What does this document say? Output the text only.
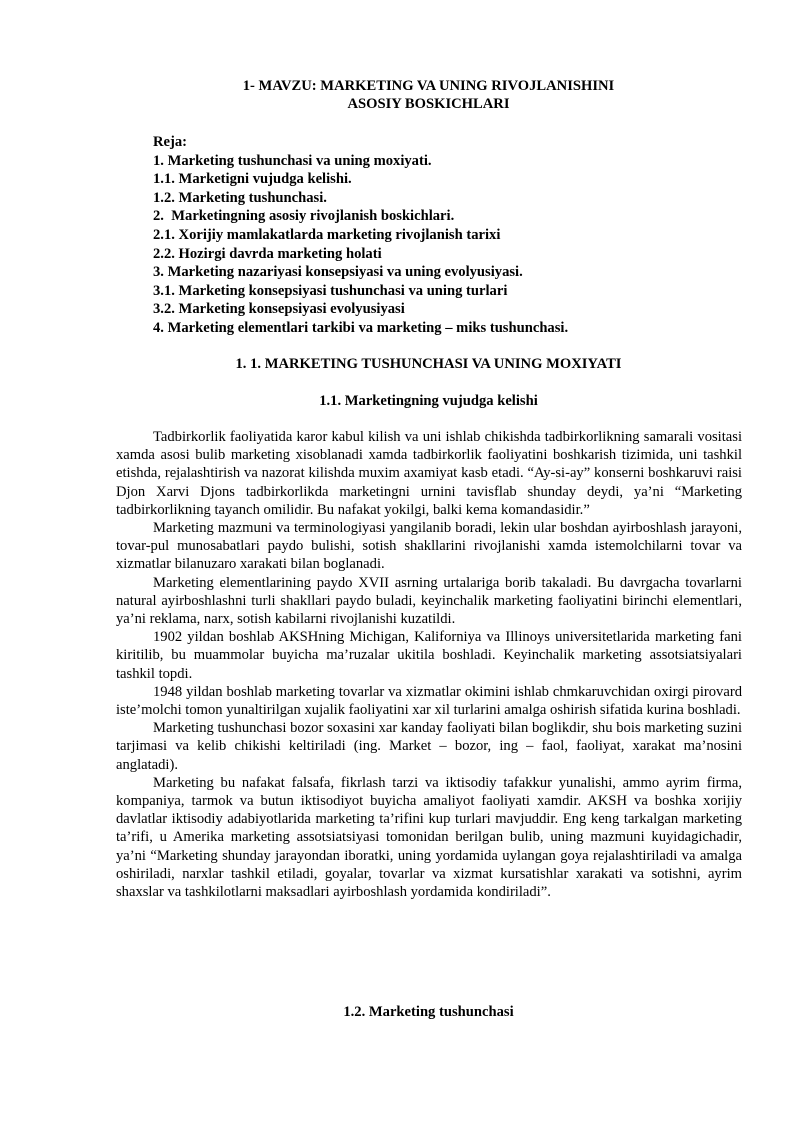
1- MAVZU: MARKETING VA UNING RIVOJLANISHINI
ASOSIY BOSKICHLARI
Reja:
1. Marketing tushunchasi va uning moxiyati.
1.1. Marketigni vujudga kelishi.
1.2. Marketing tushunchasi.
2.  Marketingning asosiy rivojlanish boskichlari.
2.1. Xorijiy mamlakatlarda marketing rivojlanish tarixi
2.2. Hozirgi davrda marketing holati
3. Marketing nazariyasi konsepsiyasi va uning evolyusiyasi.
3.1. Marketing konsepsiyasi tushunchasi va uning turlari
3.2. Marketing konsepsiyasi evolyusiyasi
4. Marketing elementlari tarkibi va marketing – miks tushunchasi.
1. 1. MARKETING TUSHUNCHASI VA UNING MOXIYATI
1.1. Marketingning vujudga kelishi

Tadbirkorlik faoliyatida karor kabul kilish va uni ishlab chikishda tadbirkorlikning samarali vositasi xamda asosi bulib marketing xisoblanadi xamda tadbirkorlik faoliyatini boshkarish tizimida, uni tashkil etishda, rejalashtirish va nazorat kilishda muxim axamiyat kasb etadi. “Ay-si-ay” konserni boshkaruvi raisi Djon Xarvi Djons tadbirkorlikda marketingni urnini tavisflab shunday deydi, ya’ni “Marketing tadbirkorlikning tayanch omilidir. Bu nafakat yokilgi, balki kema komandasidir.”

Marketing mazmuni va terminologiyasi yangilanib boradi, lekin ular boshdan ayirboshlash jarayoni, tovar-pul munosabatlari paydo bulishi, sotish shakllarini rivojlanishi xamda istemolchilarni tovar va xizmatlar bilanuzaro xarakati bilan boglanadi.

Marketing elementlarining paydo XVII asrning urtalariga borib takaladi. Bu davrgacha tovarlarni natural ayirboshlashni turli shakllari paydo buladi, keyinchalik marketing faoliyatini birinchi elementlari, ya’ni reklama, narx, sotish kabilarni rivojlanishi kuzatildi.

1902 yildan boshlab AKSHning Michigan, Kaliforniya va Illinoys universitetlarida marketing fani kiritilib, bu muammolar buyicha ma’ruzalar ukitila boshladi. Keyinchalik marketing assotsiatsiyalari tashkil topdi.

1948 yildan boshlab marketing tovarlar va xizmatlar okimini ishlab chmkaruvchidan oxirgi pirovard iste’molchi tomon yunaltirilgan xujalik faoliyatini xar xil turlarini amalga oshirish sifatida kurina boshladi.

Marketing tushunchasi bozor soxasini xar kanday faoliyati bilan boglikdir, shu bois marketing suzini tarjimasi va kelib chikishi keltiriladi (ing. Market – bozor, ing – faol, faoliyat, xarakat ma’nosini anglatadi).

Marketing bu nafakat falsafa, fikrlash tarzi va iktisodiy tafakkur yunalishi, ammo ayrim firma, kompaniya, tarmok va butun iktisodiyot buyicha amaliyot faoliyati xamdir. AKSH va boshka xorijiy davlatlar iktisodiy adabiyotlarida marketing ta’rifini kup turlari mavjuddir. Eng keng tarkalgan marketing ta’rifi, u Amerika marketing assotsiatsiyasi tomonidan berilgan bulib, uning mazmuni kuyidagichadir, ya’ni “Marketing shunday jarayondan iboratki, uning yordamida uylangan goya rejalashtiriladi va amalga oshiriladi, narxlar tashkil etiladi, goyalar, tovarlar va xizmat kursatishlar xarakati va sotishni, ayrim shaxslar va tashkilotlarni maksadlari ayirboshlash yordamida kondiriladi”.

1.2. Marketing tushunchasi
